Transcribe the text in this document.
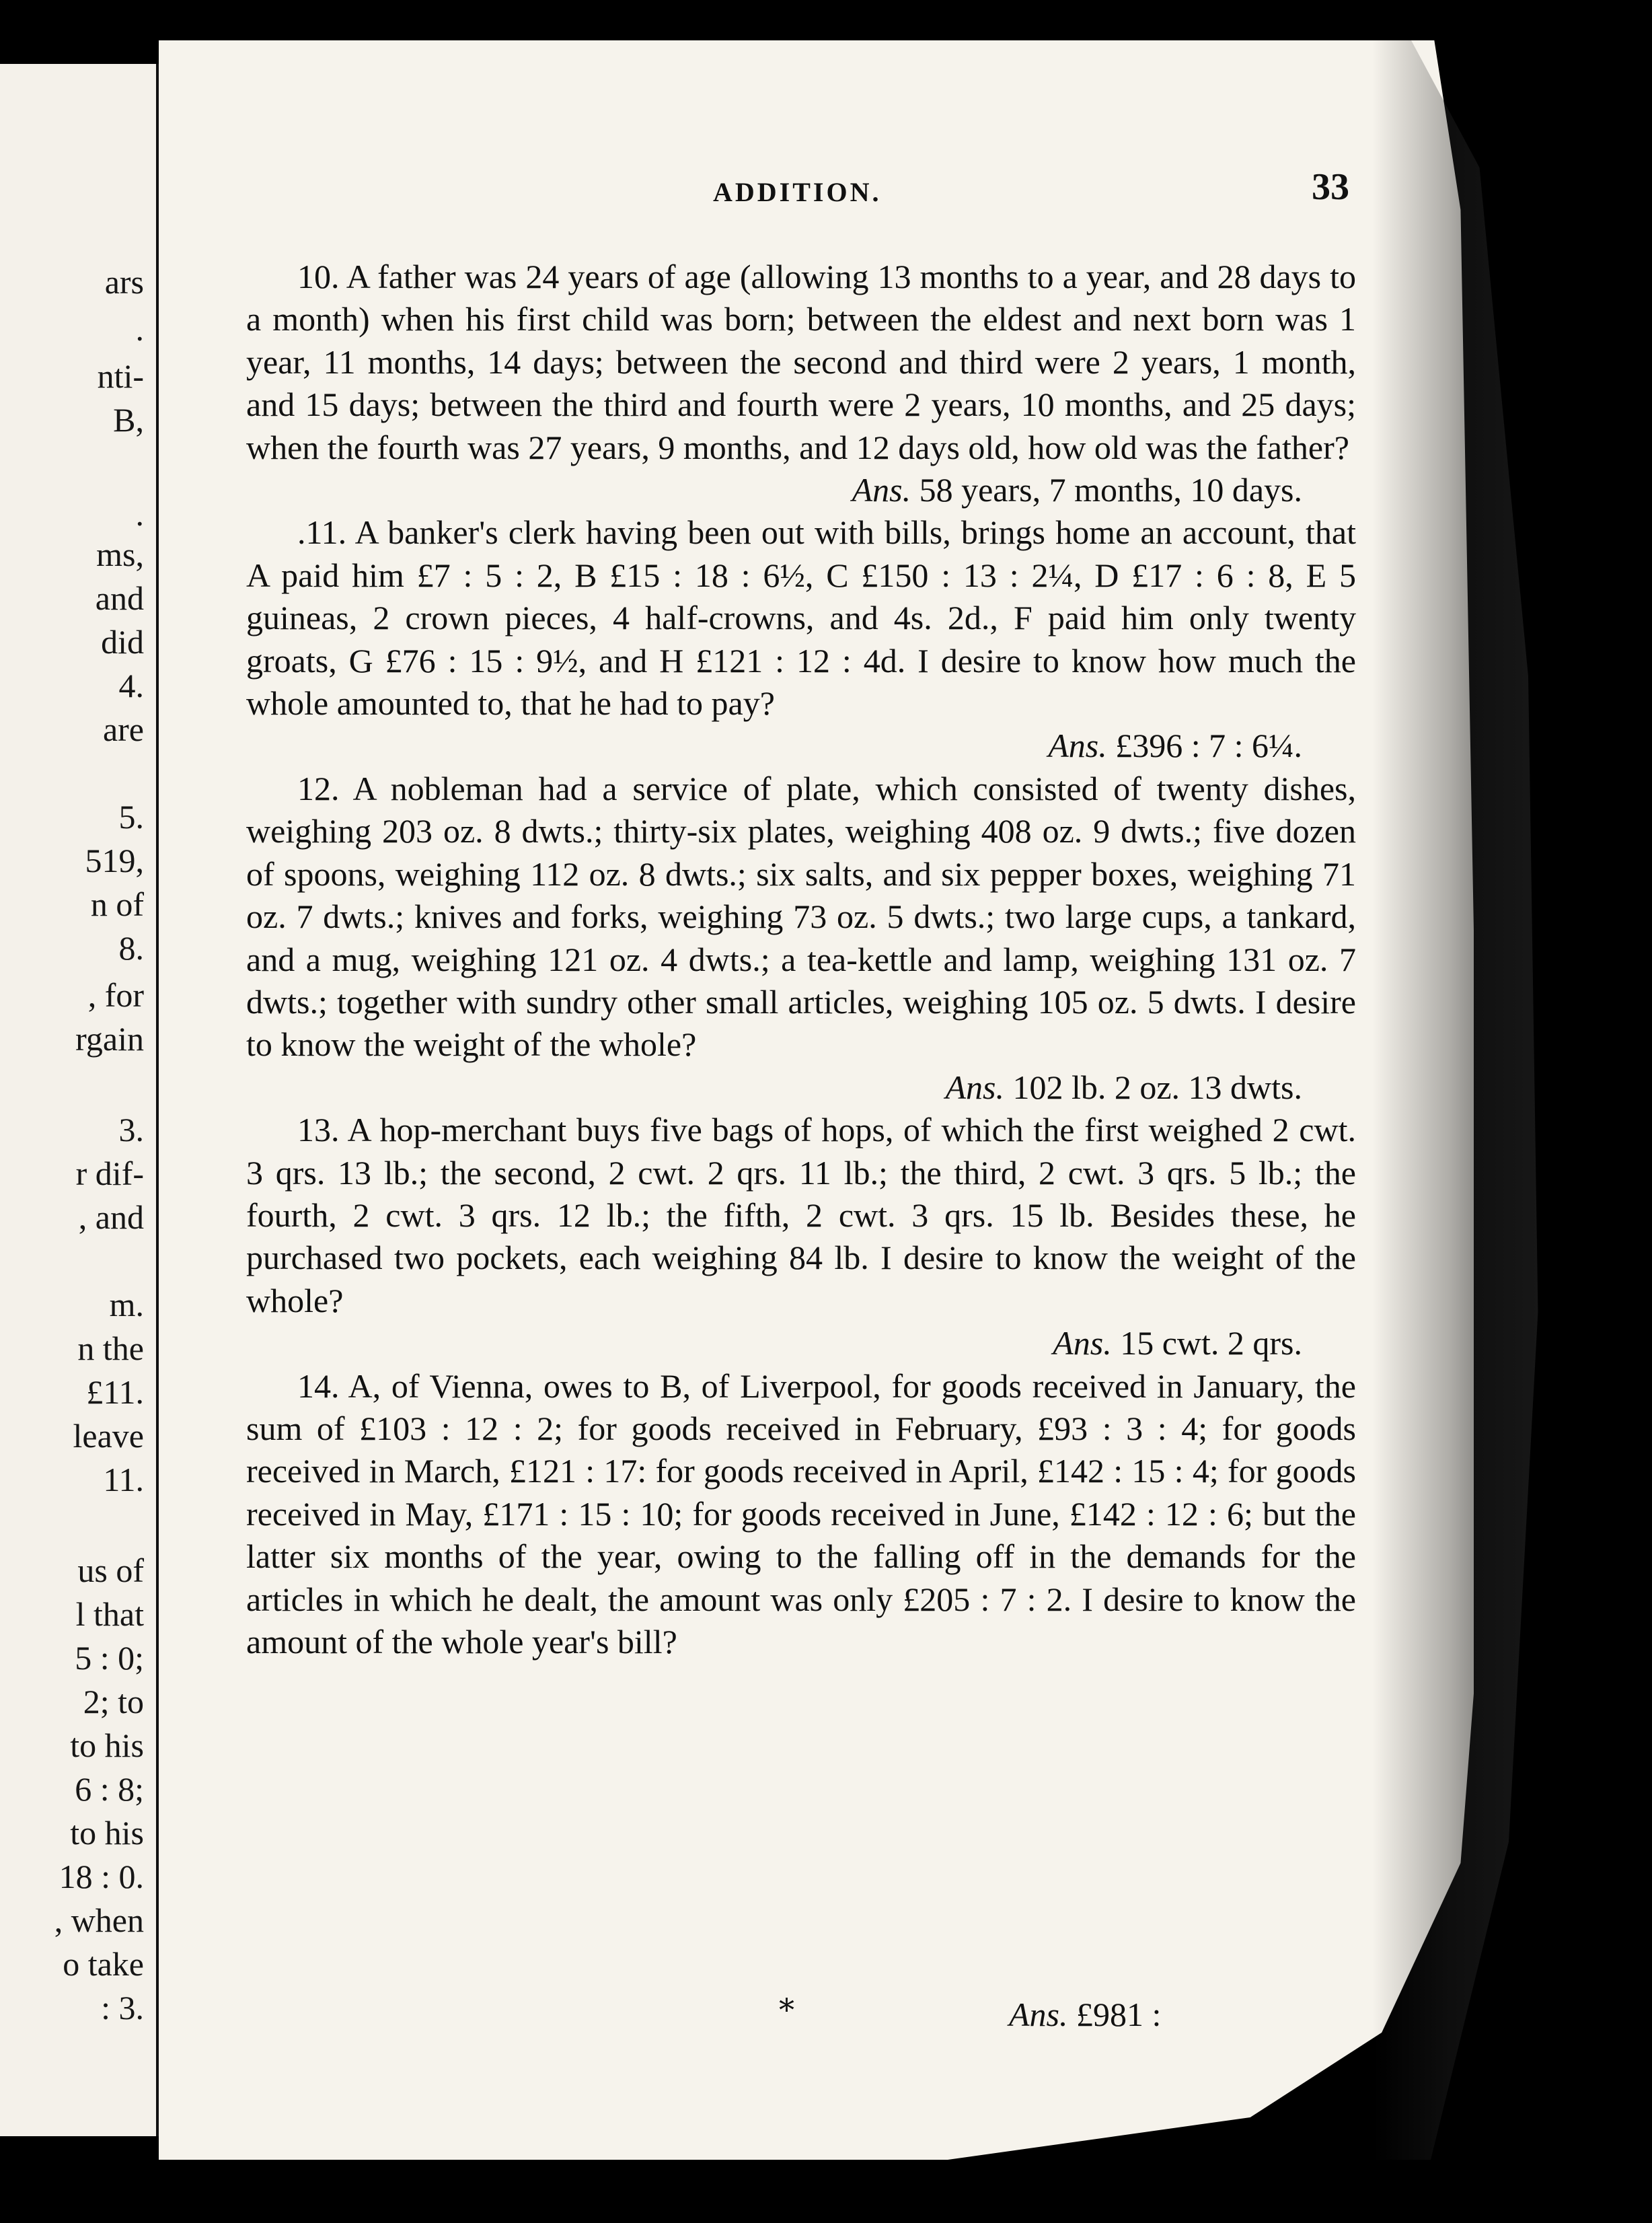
ars
.
nti-
B,
.
ms,
and
did
4.
are
5.
519,
n of
8.
, for
rgain
3.
r dif-
, and
m.
n the
£11.
leave
11.
us of
l that
5 : 0;
2; to
to his
6 : 8;
to his
18 : 0.
, when
o take
: 3.
ADDITION.	33

10. A father was 24 years of age (allowing 13 months to a year, and 28 days to a month) when his first child was born; between the eldest and next born was 1 year, 11 months, 14 days; between the second and third were 2 years, 1 month, and 15 days; between the third and fourth were 2 years, 10 months, and 25 days; when the fourth was 27 years, 9 months, and 12 days old, how old was the father?

Ans. 58 years, 7 months, 10 days.

.11. A banker's clerk having been out with bills, brings home an account, that A paid him £7 : 5 : 2, B £15 : 18 : 6½, C £150 : 13 : 2¼, D £17 : 6 : 8, E 5 guineas, 2 crown pieces, 4 half-crowns, and 4s. 2d., F paid him only twenty groats, G £76 : 15 : 9½, and H £121 : 12 : 4d. I desire to know how much the whole amounted to, that he had to pay?

Ans. £396 : 7 : 6¼.

12. A nobleman had a service of plate, which consisted of twenty dishes, weighing 203 oz. 8 dwts.; thirty-six plates, weighing 408 oz. 9 dwts.; five dozen of spoons, weighing 112 oz. 8 dwts.; six salts, and six pepper boxes, weighing 71 oz. 7 dwts.; knives and forks, weighing 73 oz. 5 dwts.; two large cups, a tankard, and a mug, weighing 121 oz. 4 dwts.; a tea-kettle and lamp, weighing 131 oz. 7 dwts.; together with sundry other small articles, weighing 105 oz. 5 dwts. I desire to know the weight of the whole?

Ans. 102 lb. 2 oz. 13 dwts.

13. A hop-merchant buys five bags of hops, of which the first weighed 2 cwt. 3 qrs. 13 lb.; the second, 2 cwt. 2 qrs. 11 lb.; the third, 2 cwt. 3 qrs. 5 lb.; the fourth, 2 cwt. 3 qrs. 12 lb.; the fifth, 2 cwt. 3 qrs. 15 lb. Besides these, he purchased two pockets, each weighing 84 lb. I desire to know the weight of the whole?

Ans. 15 cwt. 2 qrs.

14. A, of Vienna, owes to B, of Liverpool, for goods received in January, the sum of £103 : 12 : 2; for goods received in February, £93 : 3 : 4; for goods received in March, £121 : 17: for goods received in April, £142 : 15 : 4; for goods received in May, £171 : 15 : 10; for goods received in June, £142 : 12 : 6; but the latter six months of the year, owing to the falling off in the demands for the articles in which he dealt, the amount was only £205 : 7 : 2. I desire to know the amount of the whole year's bill?

*	Ans. £981 :
